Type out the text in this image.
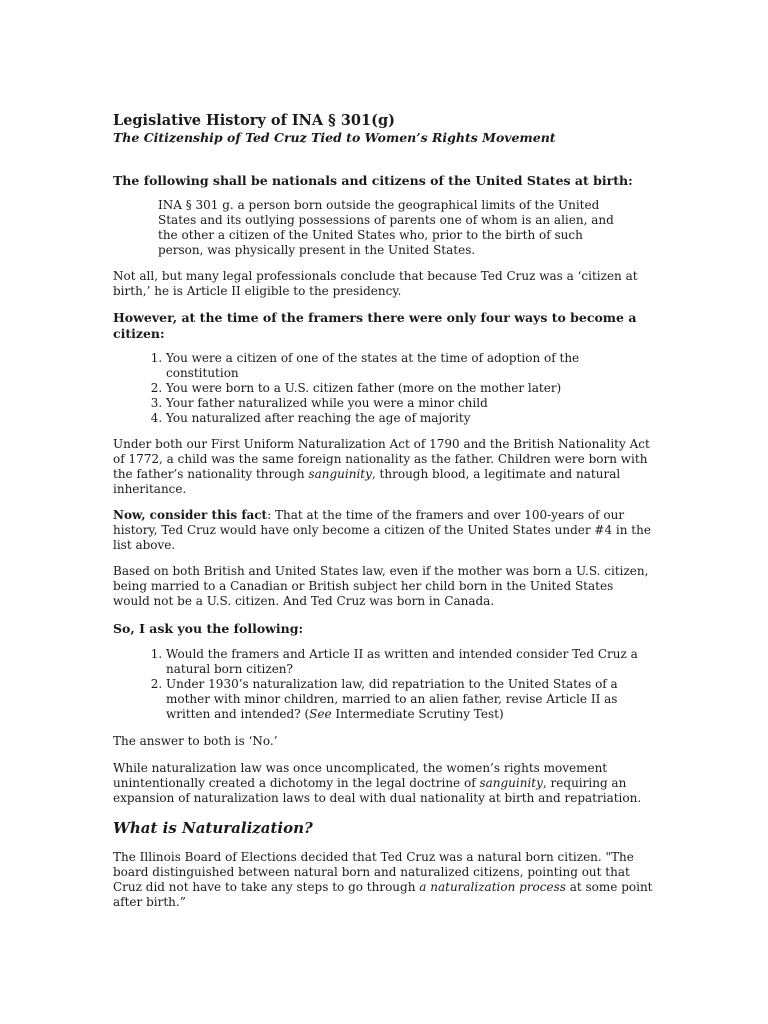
Legislative History of INA § 301(g)
The Citizenship of Ted Cruz Tied to Women’s Rights Movement
The following shall be nationals and citizens of the United States at birth:

INA § 301 g. a person born outside the geographical limits of the United States and its outlying possessions of parents one of whom is an alien, and the other a citizen of the United States who, prior to the birth of such person, was physically present in the United States.

Not all, but many legal professionals conclude that because Ted Cruz was a ‘citizen at birth,’ he is Article II eligible to the presidency.

However, at the time of the framers there were only four ways to become a citizen:
1. You were a citizen of one of the states at the time of adoption of the constitution
2. You were born to a U.S. citizen father (more on the mother later)
3. Your father naturalized while you were a minor child
4. You naturalized after reaching the age of majority

Under both our First Uniform Naturalization Act of 1790 and the British Nationality Act of 1772, a child was the same foreign nationality as the father. Children were born with the father’s nationality through sanguinity, through blood, a legitimate and natural inheritance.

Now, consider this fact: That at the time of the framers and over 100-years of our history, Ted Cruz would have only become a citizen of the United States under #4 in the list above.

Based on both British and United States law, even if the mother was born a U.S. citizen, being married to a Canadian or British subject her child born in the United States would not be a U.S. citizen. And Ted Cruz was born in Canada.

So, I ask you the following:
1. Would the framers and Article II as written and intended consider Ted Cruz a natural born citizen?
2. Under 1930’s naturalization law, did repatriation to the United States of a mother with minor children, married to an alien father, revise Article II as written and intended? (See Intermediate Scrutiny Test)

The answer to both is ‘No.’

While naturalization law was once uncomplicated, the women’s rights movement unintentionally created a dichotomy in the legal doctrine of sanguinity, requiring an expansion of naturalization laws to deal with dual nationality at birth and repatriation.

What is Naturalization?

The Illinois Board of Elections decided that Ted Cruz was a natural born citizen. "The board distinguished between natural born and naturalized citizens, pointing out that Cruz did not have to take any steps to go through a naturalization process at some point after birth.”
